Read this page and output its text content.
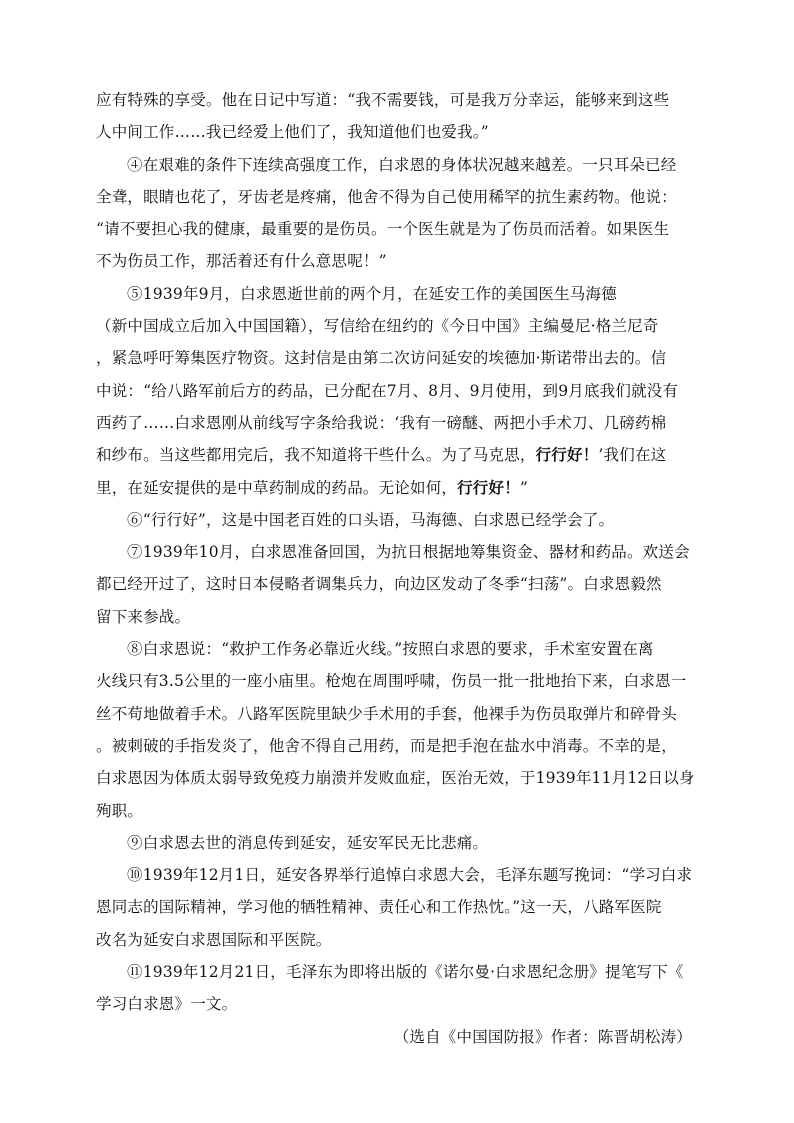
应有特殊的享受。他在日记中写道：“我不需要钱，可是我万分幸运，能够来到这些
人中间工作……我已经爱上他们了，我知道他们也爱我。”
④在艰难的条件下连续高强度工作，白求恩的身体状况越来越差。一只耳朵已经
全聋，眼睛也花了，牙齿老是疼痛，他舍不得为自己使用稀罕的抗生素药物。他说：
“请不要担心我的健康，最重要的是伤员。一个医生就是为了伤员而活着。如果医生
不为伤员工作，那活着还有什么意思呢！”
⑤1939年9月，白求恩逝世前的两个月，在延安工作的美国医生马海德
（新中国成立后加入中国国籍），写信给在纽约的《今日中国》主编曼尼·格兰尼奇
，紧急呼吁筹集医疗物资。这封信是由第二次访问延安的埃德加·斯诺带出去的。信
中说：“给八路军前后方的药品，已分配在7月、8月、9月使用，到9月底我们就没有
西药了……白求恩刚从前线写字条给我说：‘我有一磅醚、两把小手术刀、几磅药棉
和纱布。当这些都用完后，我不知道将干些什么。为了马克思，行行好！’我们在这
里，在延安提供的是中草药制成的药品。无论如何，行行好！”
⑥“行行好”，这是中国老百姓的口头语，马海德、白求恩已经学会了。
⑦1939年10月，白求恩准备回国，为抗日根据地筹集资金、器材和药品。欢送会
都已经开过了，这时日本侵略者调集兵力，向边区发动了冬季“扫荡”。白求恩毅然
留下来参战。
⑧白求恩说：“救护工作务必靠近火线。”按照白求恩的要求，手术室安置在离
火线只有3.5公里的一座小庙里。枪炮在周围呼啸，伤员一批一批地抬下来，白求恩一
丝不苟地做着手术。八路军医院里缺少手术用的手套，他裸手为伤员取弹片和碎骨头
。被刺破的手指发炎了，他舍不得自己用药，而是把手泡在盐水中消毒。不幸的是，
白求恩因为体质太弱导致免疫力崩溃并发败血症，医治无效，于1939年11月12日以身
殉职。
⑨白求恩去世的消息传到延安，延安军民无比悲痛。
⑩1939年12月1日，延安各界举行追悼白求恩大会，毛泽东题写挽词：“学习白求
恩同志的国际精神，学习他的牺牲精神、责任心和工作热忱。”这一天，八路军医院
改名为延安白求恩国际和平医院。
⑪1939年12月21日，毛泽东为即将出版的《诺尔曼·白求恩纪念册》提笔写下《
学习白求恩》一文。
（选自《中国国防报》作者：陈晋胡松涛）
